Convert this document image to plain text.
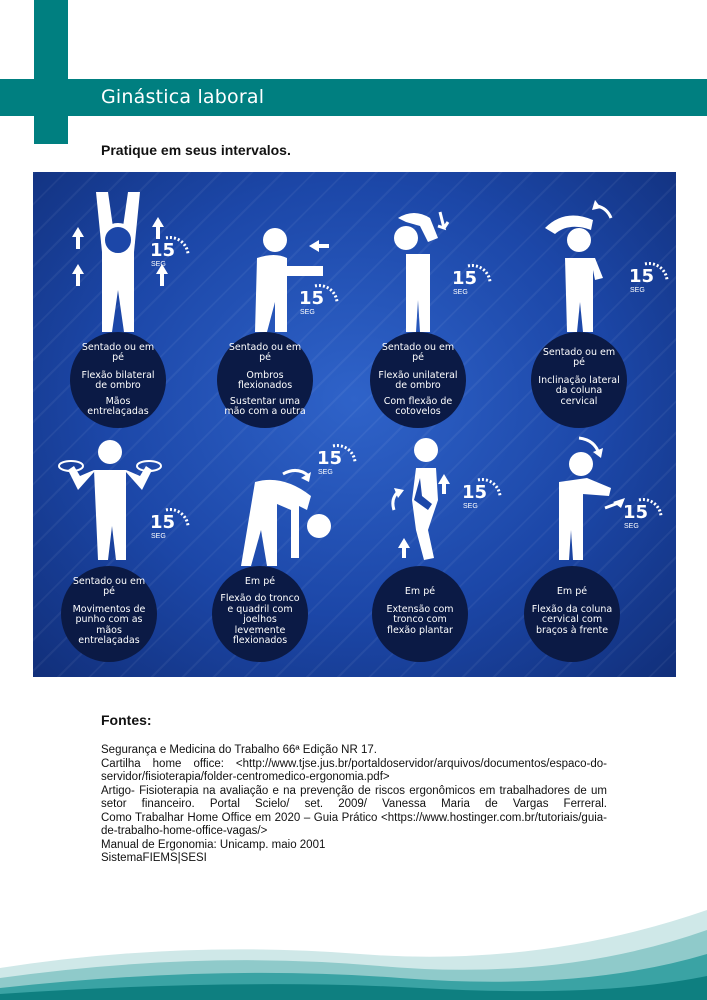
Ginástica laboral
Pratique em seus intervalos.
15
SEG
Sentado ou em pé
Flexão bilateral de ombro
Mãos entrelaçadas
15
SEG
Sentado ou em pé
Ombros flexionados
Sustentar uma mão com a outra
15
SEG
Sentado ou em pé
Flexão unilateral de ombro
Com flexão de cotovelos
15
SEG
Sentado ou em pé
Inclinação lateral da coluna cervical
15
SEG
Sentado ou em pé
Movimentos de punho com as mãos entrelaçadas
15
SEG
Em pé
Flexão do tronco e quadril com joelhos levemente flexionados
15
SEG
Em pé
Extensão com tronco com flexão plantar
15
SEG
Em pé
Flexão da coluna cervical com braços à frente
Fontes:

Segurança e Medicina do Trabalho 66ª Edição NR 17.

Cartilha home office: <http://www.tjse.jus.br/portaldoservidor/arquivos/documentos/espaco-do-servidor/fisioterapia/folder-centromedico-ergonomia.pdf>

Artigo- Fisioterapia na avaliação e na prevenção de riscos ergonômicos em trabalhadores de um setor financeiro. Portal Scielo/ set. 2009/ Vanessa Maria de Vargas Ferreral.

Como Trabalhar Home Office em 2020 – Guia Prático <https://www.hostinger.com.br/tutoriais/guia-de-trabalho-home-office-vagas/>

Manual de Ergonomia: Unicamp. maio 2001

SistemaFIEMS|SESI
